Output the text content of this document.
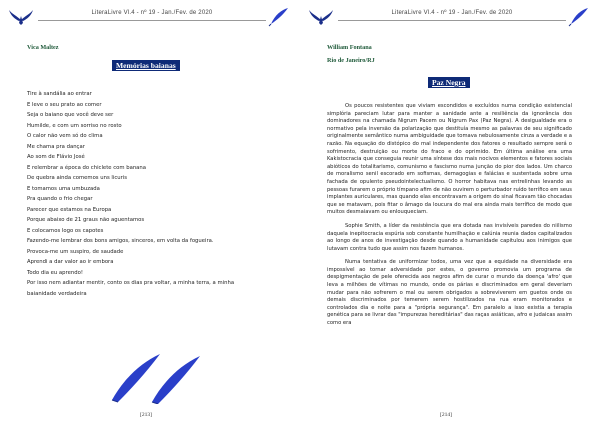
LiteraLivre Vl.4 - nº 19 - Jan./Fev. de 2020
Vica Maltez
Memórias baianas
Tire à sandália ao entrar
E leve o seu prato ao comer
Seja o baiano que você deve ser
Humilde, e com um sorriso no rosto
O calor não vem só do clima
Me chama pra dançar
Ao som de Flávio José
E relembrar a época do chiclete com banana
De quebra ainda comemos uns licuris
E tomamos uma umbuzada
Pra quando o frio chegar
Parecer que estamos na Europa
Porque abaixo de 21 graus não aguentamos
E colocamos logo os capotes
Fazendo-me lembrar dos bons amigos, sinceros, em volta da fogueira.
Provoca-me um suspiro, de saudade
Aprendi a dar valor ao ir embora
Todo dia eu aprendo!
Por isso nem adiantar mentir, conto os dias pra voltar, a minha terra, a minha
baianidade verdadeira
[213]
LiteraLivre Vl.4 - nº 19 - Jan./Fev. de 2020
William Fontana
Rio de Janeiro/RJ
Paz Negra

Os poucos resistentes que viviam escondidos e excluídos numa condição existencial simplória pareciam lutar para manter a sanidade ante a resiliência da ignorância dos dominadores na chamada Nigrum Pacem ou Nigrum Pax (Paz Negra). A desigualdade era o normativo pela inversão da polarização que destituía mesmo as palavras de seu significado originalmente semântico numa ambiguidade que tomava nebulosamente cinza a verdade e a razão. Na equação do distópico do mal independente dos fatores o resultado sempre será o sofrimento, destruição ou morte do fraco e do oprimido. Em última análise era uma Kakistocracia que conseguia reunir uma síntese dos mais nocivos elementos e fatores sociais abióticos do totalitarismo, comunismo e fascismo numa junção do pior dos lados. Um charco de moralismo senil escorado em sofismas, demagogias e falácias e sustentada sobre uma fachada de opulento pseudointelectualismo. O horror habitava nas entrelinhas levando as pessoas furarem o próprio tímpano afim de não ouvirem o perturbador ruído terrífico em seus implantes auriculares, mas quando elas encontravam a origem do sinal ficavam tão chocadas que se matavam, pois fitar o âmago da loucura do mal era ainda mais terrífico de modo que muitos desmaiavam ou enlouqueciam.

Sophie Smith, a líder da resistência que era dotada nas invisíveis paredes do niilismo daquela inepitocracia espúria sob constante humilhação e calúnia reunia dados capitalizados ao longo de anos de investigação desde quando a humanidade capitulou aos inimigos que lutavam contra tudo que assim nos fazem humanos.

Numa tentativa de uniformizar todos, uma vez que a equidade na diversidade era impossível ao tornar adversidade por estes, o governo promovia um programa de despigmentação de pele oferecida aos negros afim de curar o mundo da doença 'afro' que leva a milhões de vítimas no mundo, onde os párias e discriminados em geral deveriam mudar para não sofrerem o mal ou serem obrigados a sobreviverem em guetos onde os demais discriminados por temerem serem hostilizados na rua eram monitorados e controlados dia e noite para a "própria segurança". Em paralelo a isso existia a terapia genética para se livrar das "impurezas hereditárias" das raças asiáticas, afro e judaicas assim como era

[214]
